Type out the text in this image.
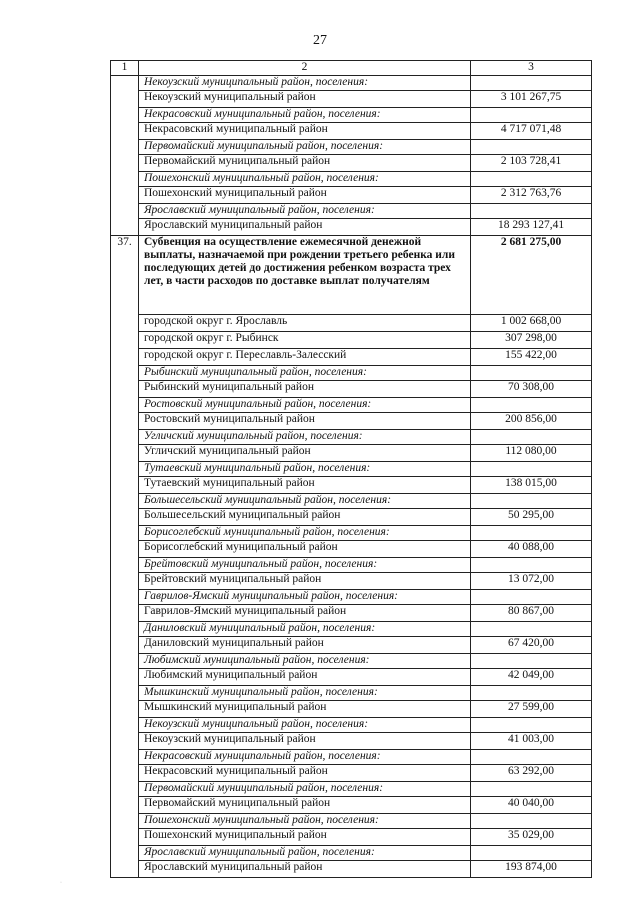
27
1	2	3
	Некоузский муниципальный район, поселения:	
	Некоузский муниципальный район	3 101 267,75
	Некрасовский муниципальный район, поселения:	
	Некрасовский муниципальный район	4 717 071,48
	Первомайский муниципальный район, поселения:	
	Первомайский муниципальный район	2 103 728,41
	Пошехонский муниципальный район, поселения:	
	Пошехонский муниципальный район	2 312 763,76
	Ярославский муниципальный район, поселения:	
	Ярославский муниципальный район	18 293 127,41
37.	Субвенция на осуществление ежемесячной денежной выплаты, назначаемой при рождении третьего ребенка или последующих детей до достижения ребенком возраста трех лет, в части расходов по доставке выплат получателям	2 681 275,00
	городской округ г. Ярославль	1 002 668,00
	городской округ г. Рыбинск	307 298,00
	городской округ г. Переславль-Залесский	155 422,00
	Рыбинский муниципальный район, поселения:	
	Рыбинский муниципальный район	70 308,00
	Ростовский муниципальный район, поселения:	
	Ростовский муниципальный район	200 856,00
	Угличский муниципальный район, поселения:	
	Угличский муниципальный район	112 080,00
	Тутаевский муниципальный район, поселения:	
	Тутаевский муниципальный район	138 015,00
	Большесельский муниципальный район, поселения:	
	Большесельский муниципальный район	50 295,00
	Борисоглебский муниципальный район, поселения:	
	Борисоглебский муниципальный район	40 088,00
	Брейтовский муниципальный район, поселения:	
	Брейтовский муниципальный район	13 072,00
	Гаврилов-Ямский муниципальный район, поселения:	
	Гаврилов-Ямский муниципальный район	80 867,00
	Даниловский муниципальный район, поселения:	
	Даниловский муниципальный район	67 420,00
	Любимский муниципальный район, поселения:	
	Любимский муниципальный район	42 049,00
	Мышкинский муниципальный район, поселения:	
	Мышкинский муниципальный район	27 599,00
	Некоузский муниципальный район, поселения:	
	Некоузский муниципальный район	41 003,00
	Некрасовский муниципальный район, поселения:	
	Некрасовский муниципальный район	63 292,00
	Первомайский муниципальный район, поселения:	
	Первомайский муниципальный район	40 040,00
	Пошехонский муниципальный район, поселения:	
	Пошехонский муниципальный район	35 029,00
	Ярославский муниципальный район, поселения:	
	Ярославский муниципальный район	193 874,00
·
